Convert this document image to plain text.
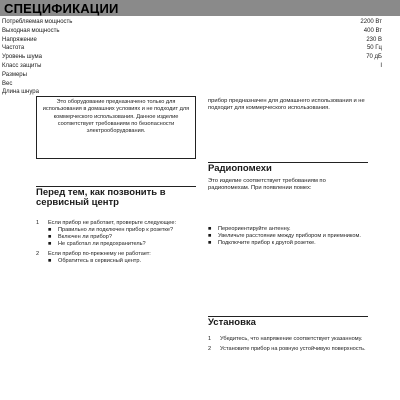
СПЕЦИФИКАЦИИ
Потребляемая мощность	2200 Вт
Выходная мощность	400 Вт
Напряжение	230 В
Частота	50 Гц
Уровень шума	70 дБ
Класс защиты	I
Размеры
Вес
Длина шнура
Это оборудование предназначено только для использования в домашних условиях и не подходит для коммерческого использования. Данное изделие соответствует требованиям по безопасности электрооборудования.
прибор предназначен для домашнего использования и не подходит для коммерческого использования.
Перед тем, как позвонить в сервисный центр
1 Если прибор не работает, проверьте следующее:
■ Правильно ли подключен прибор к розетке?
■ Включен ли прибор?
■ Не сработал ли предохранитель?
2 Если прибор по-прежнему не работает:
■ Обратитесь в сервисный центр.
Радиопомехи
Это изделие соответствует требованиям по радиопомехам. При появлении помех:
■ Переориентируйте антенну.
■ Увеличьте расстояние между прибором и приемником.
■ Подключите прибор к другой розетке.
Установка
1 Убедитесь, что напряжение соответствует указанному.
2 Установите прибор на ровную устойчивую поверхность.
